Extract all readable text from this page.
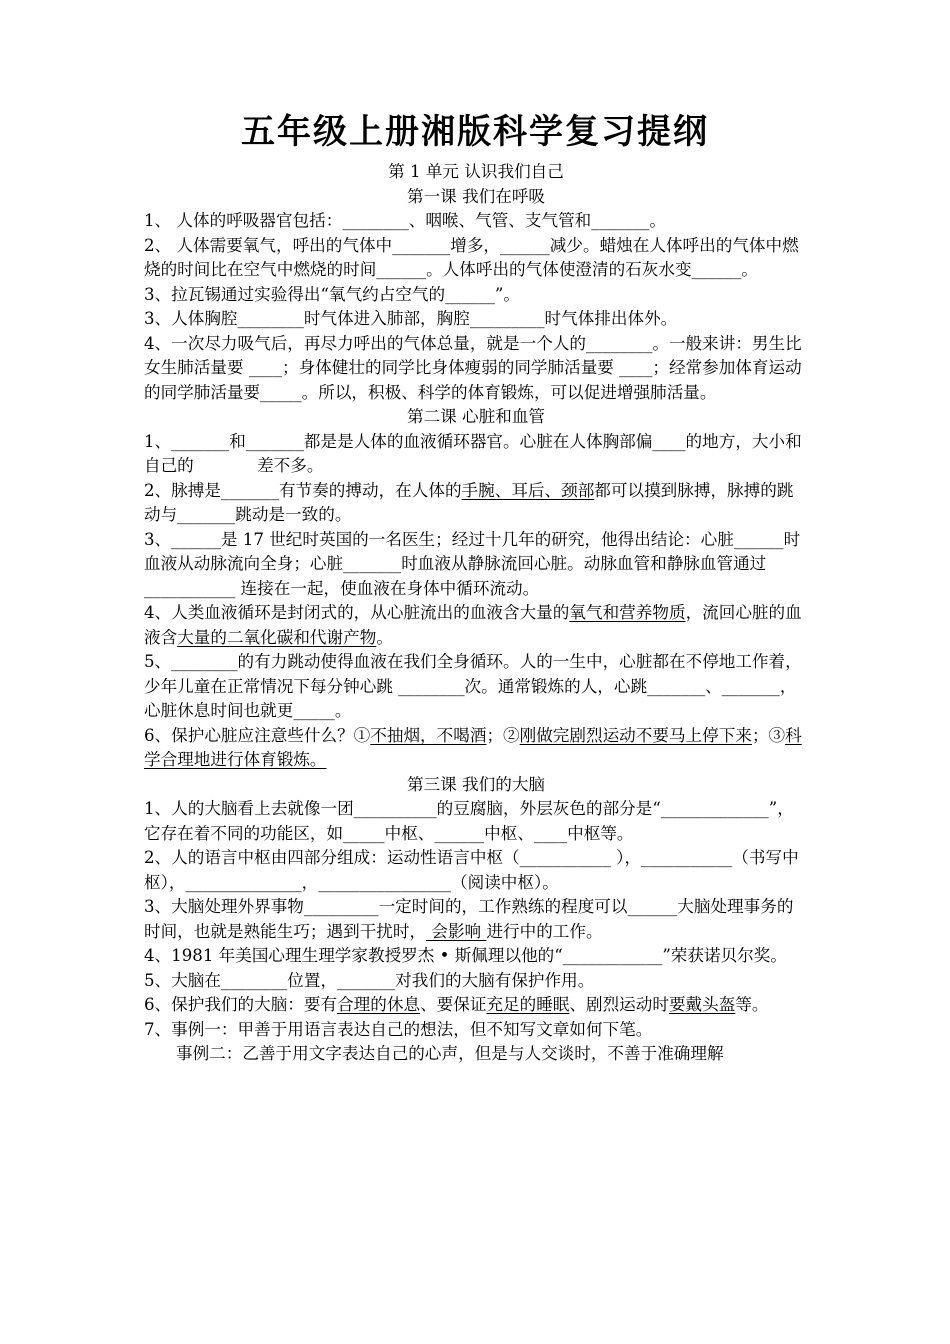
五年级上册湘版科学复习提纲
第 1 单元 认识我们自己
第一课 我们在呼吸

1、 人体的呼吸器官包括：________、咽喉、气管、支气管和_______。

2、 人体需要氧气，呼出的气体中_______增多，______减少。蜡烛在人体呼出的气体中燃烧的时间比在空气中燃烧的时间______。人体呼出的气体使澄清的石灰水变______。

3、拉瓦锡通过实验得出“氧气约占空气的______”。

3、人体胸腔________时气体进入肺部，胸腔_________时气体排出体外。

4、一次尽力吸气后，再尽力呼出的气体总量，就是一个人的________。一般来讲：男生比女生肺活量要 ____；身体健壮的同学比身体瘦弱的同学肺活量要 ____；经常参加体育运动的同学肺活量要_____。所以，积极、科学的体育锻炼，可以促进增强肺活量。

第二课 心脏和血管

1、_______和_______都是是人体的血液循环器官。心脏在人体胸部偏____的地方，大小和自己的            差不多。

2、脉搏是_______有节奏的搏动，在人体的手腕、耳后、颈部都可以摸到脉搏，脉搏的跳动与_______跳动是一致的。

3、______是 17 世纪时英国的一名医生；经过十几年的研究，他得出结论：心脏______时血液从动脉流向全身；心脏_______时血液从静脉流回心脏。动脉血管和静脉血管通过___________ 连接在一起，使血液在身体中循环流动。

4、人类血液循环是封闭式的，从心脏流出的血液含大量的氧气和营养物质，流回心脏的血液含大量的二氧化碳和代谢产物。

5、________的有力跳动使得血液在我们全身循环。人的一生中，心脏都在不停地工作着，少年儿童在正常情况下每分钟心跳 ________次。通常锻炼的人，心跳_______、_______，心脏休息时间也就更_____。

6、保护心脏应注意些什么？①不抽烟，不喝酒；②刚做完剧烈运动不要马上停下来；③科学合理地进行体育锻炼。

第三课 我们的大脑

1、人的大脑看上去就像一团__________的豆腐脑，外层灰色的部分是“_____________”，它存在着不同的功能区，如_____中枢、______中枢、____中枢等。

2、人的语言中枢由四部分组成：运动性语言中枢（___________ ），___________（书写中枢），______________，________________（阅读中枢）。

3、大脑处理外界事物_________一定时间的，工作熟练的程度可以______大脑处理事务的时间，也就是熟能生巧；遇到干扰时， 会影响 进行中的工作。

4、1981 年美国心理生理学家教授罗杰 • 斯佩理以他的“____________”荣获诺贝尔奖。

5、大脑在________位置，_______对我们的大脑有保护作用。

6、保护我们的大脑：要有合理的休息、要保证充足的睡眠、剧烈运动时要戴头盔等。

7、事例一：甲善于用语言表达自己的想法，但不知写文章如何下笔。

事例二：乙善于用文字表达自己的心声，但是与人交谈时，不善于准确理解
